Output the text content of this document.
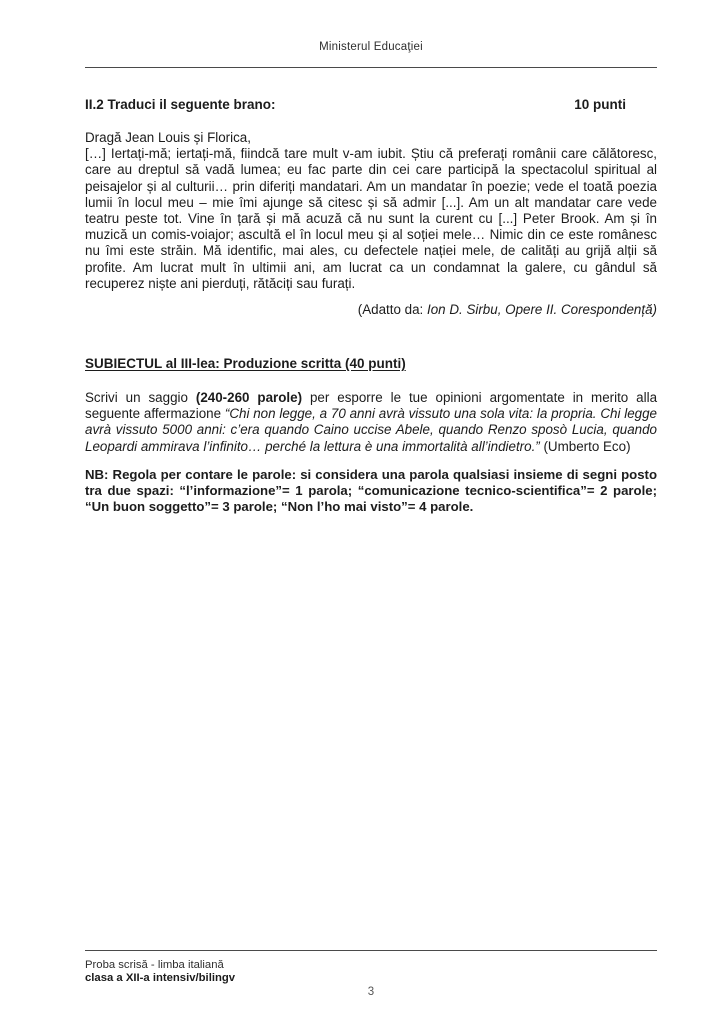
Ministerul Educaţiei
II.2 Traduci il seguente brano:	10 punti
Dragă Jean Louis și Florica,
[…] Iertați-mă; iertați-mă, fiindcă tare mult v-am iubit. Știu că preferați românii care călătoresc, care au dreptul să vadă lumea; eu fac parte din cei care participă la spectacolul spiritual al peisajelor și al culturii… prin diferiți mandatari. Am un mandatar în poezie; vede el toată poezia lumii în locul meu – mie îmi ajunge să citesc și să admir [...]. Am un alt mandatar care vede teatru peste tot. Vine în țară și mă acuză că nu sunt la curent cu [...] Peter Brook. Am și în muzică un comis-voiajor; ascultă el în locul meu și al soției mele… Nimic din ce este românesc nu îmi este străin. Mă identific, mai ales, cu defectele nației mele, de calități au grijă alții să profite. Am lucrat mult în ultimii ani, am lucrat ca un condamnat la galere, cu gândul să recuperez niște ani pierduți, rătăciți sau furați.
(Adatto da: Ion D. Sirbu, Opere II. Corespondență)
SUBIECTUL al III-lea: Produzione scritta (40 punti)
Scrivi un saggio (240-260 parole) per esporre le tue opinioni argomentate in merito alla seguente affermazione “Chi non legge, a 70 anni avrà vissuto una sola vita: la propria. Chi legge avrà vissuto 5000 anni: c’era quando Caino uccise Abele, quando Renzo sposò Lucia, quando Leopardi ammirava l’infinito… perché la lettura è una immortalità all’indietro.” (Umberto Eco)
NB: Regola per contare le parole: si considera una parola qualsiasi insieme di segni posto tra due spazi: “l’informazione”= 1 parola; “comunicazione tecnico-scientifica”= 2 parole; “Un buon soggetto”= 3 parole; “Non l’ho mai visto”= 4 parole.
Proba scrisă - limba italiană
clasa a XII-a intensiv/bilingv
3
